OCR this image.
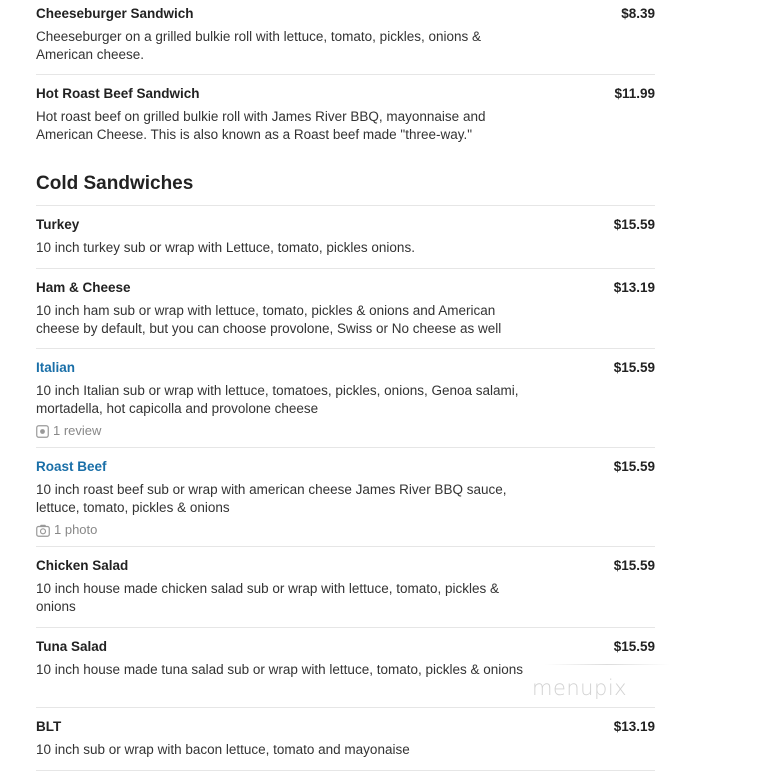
Cheeseburger Sandwich	$8.39
Cheeseburger on a grilled bulkie roll with lettuce, tomato, pickles, onions & American cheese.
Hot Roast Beef Sandwich	$11.99
Hot roast beef on grilled bulkie roll with James River BBQ, mayonnaise and American Cheese. This is also known as a Roast beef made "three-way."
Cold Sandwiches
Turkey	$15.59
10 inch turkey sub or wrap with Lettuce, tomato, pickles onions.
Ham & Cheese	$13.19
10 inch ham sub or wrap with lettuce, tomato, pickles & onions and American cheese by default, but you can choose provolone, Swiss or No cheese as well
Italian	$15.59
10 inch Italian sub or wrap with lettuce, tomatoes, pickles, onions, Genoa salami, mortadella, hot capicolla and provolone cheese
1 review
Roast Beef	$15.59
10 inch roast beef sub or wrap with american cheese James River BBQ sauce, lettuce, tomato, pickles & onions
1 photo
Chicken Salad	$15.59
10 inch house made chicken salad sub or wrap with lettuce, tomato, pickles & onions
Tuna Salad	$15.59
10 inch house made tuna salad sub or wrap with lettuce, tomato, pickles & onions
BLT	$13.19
10 inch sub or wrap with bacon lettuce, tomato and mayonaise
menupix
